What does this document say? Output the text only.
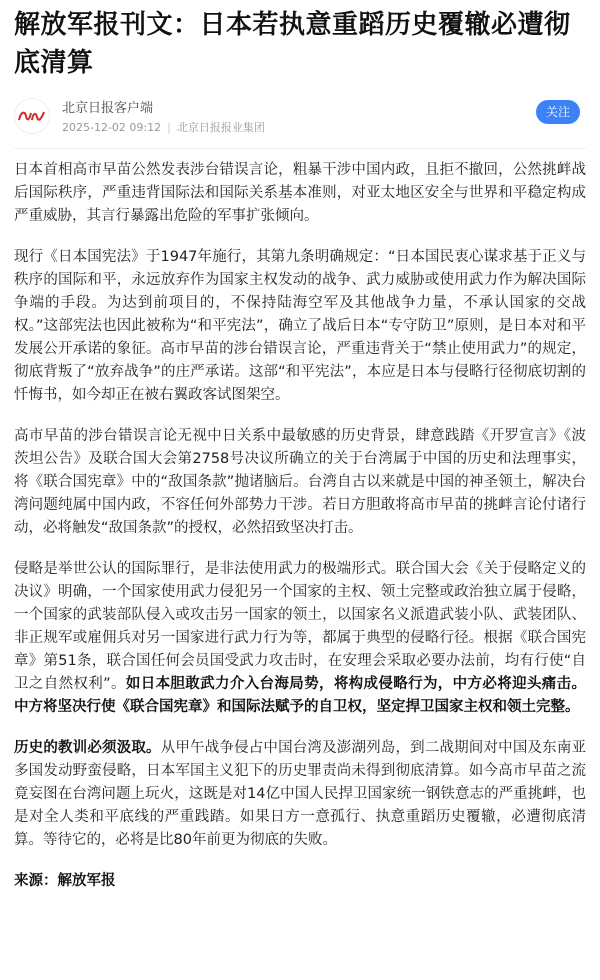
解放军报刊文：日本若执意重蹈历史覆辙必遭彻底清算
北京日报客户端
2025-12-02 09:12 | 北京日报报业集团
关注

日本首相高市早苗公然发表涉台错误言论，粗暴干涉中国内政，且拒不撤回，公然挑衅战后国际秩序，严重违背国际法和国际关系基本准则，对亚太地区安全与世界和平稳定构成严重威胁，其言行暴露出危险的军事扩张倾向。

现行《日本国宪法》于1947年施行，其第九条明确规定：“日本国民衷心谋求基于正义与秩序的国际和平，永远放弃作为国家主权发动的战争、武力威胁或使用武力作为解决国际争端的手段。为达到前项目的，不保持陆海空军及其他战争力量，不承认国家的交战权。”这部宪法也因此被称为“和平宪法”，确立了战后日本“专守防卫”原则，是日本对和平发展公开承诺的象征。高市早苗的涉台错误言论，严重违背关于“禁止使用武力”的规定，彻底背叛了“放弃战争”的庄严承诺。这部“和平宪法”，本应是日本与侵略行径彻底切割的忏悔书，如今却正在被右翼政客试图架空。

高市早苗的涉台错误言论无视中日关系中最敏感的历史背景，肆意践踏《开罗宣言》《波茨坦公告》及联合国大会第2758号决议所确立的关于台湾属于中国的历史和法理事实，将《联合国宪章》中的“敌国条款”抛诸脑后。台湾自古以来就是中国的神圣领土，解决台湾问题纯属中国内政，不容任何外部势力干涉。若日方胆敢将高市早苗的挑衅言论付诸行动，必将触发“敌国条款”的授权，必然招致坚决打击。

侵略是举世公认的国际罪行，是非法使用武力的极端形式。联合国大会《关于侵略定义的决议》明确，一个国家使用武力侵犯另一个国家的主权、领土完整或政治独立属于侵略，一个国家的武装部队侵入或攻击另一国家的领土，以国家名义派遣武装小队、武装团队、非正规军或雇佣兵对另一国家进行武力行为等，都属于典型的侵略行径。根据《联合国宪章》第51条，联合国任何会员国受武力攻击时，在安理会采取必要办法前，均有行使“自卫之自然权利”。如日本胆敢武力介入台海局势，将构成侵略行为，中方必将迎头痛击。中方将坚决行使《联合国宪章》和国际法赋予的自卫权，坚定捍卫国家主权和领土完整。

历史的教训必须汲取。从甲午战争侵占中国台湾及澎湖列岛，到二战期间对中国及东南亚多国发动野蛮侵略，日本军国主义犯下的历史罪责尚未得到彻底清算。如今高市早苗之流竟妄图在台湾问题上玩火，这既是对14亿中国人民捍卫国家统一钢铁意志的严重挑衅，也是对全人类和平底线的严重践踏。如果日方一意孤行、执意重蹈历史覆辙，必遭彻底清算。等待它的，必将是比80年前更为彻底的失败。

来源：解放军报
